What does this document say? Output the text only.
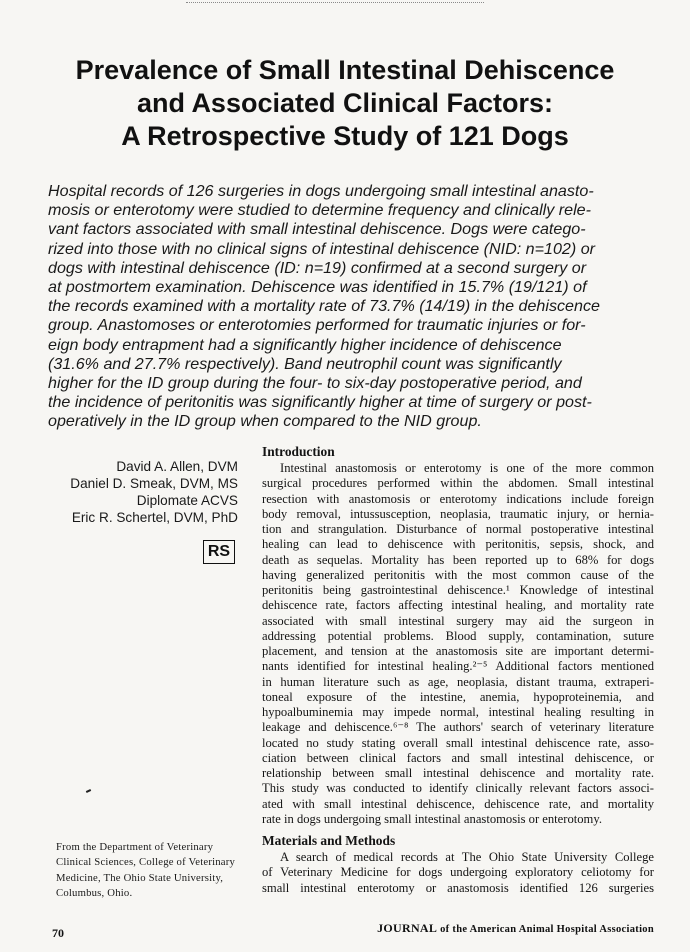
Prevalence of Small Intestinal Dehiscence
and Associated Clinical Factors:
A Retrospective Study of 121 Dogs
Hospital records of 126 surgeries in dogs undergoing small intestinal anasto-
mosis or enterotomy were studied to determine frequency and clinically rele-
vant factors associated with small intestinal dehiscence. Dogs were catego-
rized into those with no clinical signs of intestinal dehiscence (NID: n=102) or
dogs with intestinal dehiscence (ID: n=19) confirmed at a second surgery or
at postmortem examination. Dehiscence was identified in 15.7% (19/121) of
the records examined with a mortality rate of 73.7% (14/19) in the dehiscence
group. Anastomoses or enterotomies performed for traumatic injuries or for-
eign body entrapment had a significantly higher incidence of dehiscence
(31.6% and 27.7% respectively). Band neutrophil count was significantly
higher for the ID group during the four- to six-day postoperative period, and
the incidence of peritonitis was significantly higher at time of surgery or post-
operatively in the ID group when compared to the NID group.
David A. Allen, DVM
Daniel D. Smeak, DVM, MS
Diplomate ACVS
Eric R. Schertel, DVM, PhD
RS
From the Department of Veterinary
Clinical Sciences, College of Veterinary
Medicine, The Ohio State University,
Columbus, Ohio.
Introduction
Intestinal anastomosis or enterotomy is one of the more common
surgical procedures performed within the abdomen. Small intestinal
resection with anastomosis or enterotomy indications include foreign
body removal, intussusception, neoplasia, traumatic injury, or hernia-
tion and strangulation. Disturbance of normal postoperative intestinal
healing can lead to dehiscence with peritonitis, sepsis, shock, and
death as sequelas. Mortality has been reported up to 68% for dogs
having generalized peritonitis with the most common cause of the
peritonitis being gastrointestinal dehiscence.¹ Knowledge of intestinal
dehiscence rate, factors affecting intestinal healing, and mortality rate
associated with small intestinal surgery may aid the surgeon in
addressing potential problems. Blood supply, contamination, suture
placement, and tension at the anastomosis site are important determi-
nants identified for intestinal healing.²⁻⁵ Additional factors mentioned
in human literature such as age, neoplasia, distant trauma, extraperi-
toneal exposure of the intestine, anemia, hypoproteinemia, and
hypoalbuminemia may impede normal, intestinal healing resulting in
leakage and dehiscence.⁶⁻⁸ The authors' search of veterinary literature
located no study stating overall small intestinal dehiscence rate, asso-
ciation between clinical factors and small intestinal dehiscence, or
relationship between small intestinal dehiscence and mortality rate.
This study was conducted to identify clinically relevant factors associ-
ated with small intestinal dehiscence, dehiscence rate, and mortality
rate in dogs undergoing small intestinal anastomosis or enterotomy.
Materials and Methods
A search of medical records at The Ohio State University College
of Veterinary Medicine for dogs undergoing exploratory celiotomy for
small intestinal enterotomy or anastomosis identified 126 surgeries
70	JOURNAL of the American Animal Hospital Association
